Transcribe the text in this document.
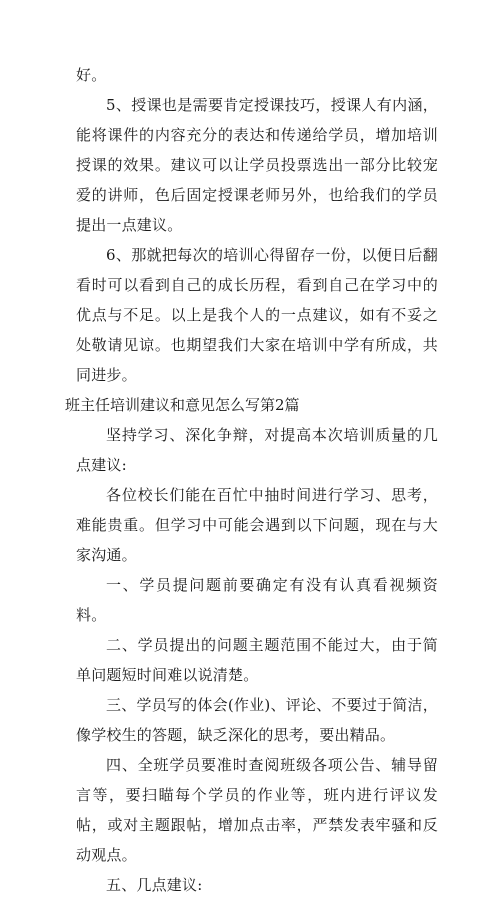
好。

5、授课也是需要肯定授课技巧，授课人有内涵，能将课件的内容充分的表达和传递给学员，增加培训授课的效果。建议可以让学员投票选出一部分比较宠爱的讲师，色后固定授课老师另外，也给我们的学员提出一点建议。

6、那就把每次的培训心得留存一份，以便日后翻看时可以看到自己的成长历程，看到自己在学习中的优点与不足。以上是我个人的一点建议，如有不妥之处敬请见谅。也期望我们大家在培训中学有所成，共同进步。

班主任培训建议和意见怎么写第2篇

坚持学习、深化争辩，对提高本次培训质量的几点建议:

各位校长们能在百忙中抽时间进行学习、思考，难能贵重。但学习中可能会遇到以下问题，现在与大家沟通。

一、学员提问题前要确定有没有认真看视频资料。

二、学员提出的问题主题范围不能过大，由于简单问题短时间难以说清楚。

三、学员写的体会(作业)、评论、不要过于简洁，像学校生的答题，缺乏深化的思考，要出精品。

四、全班学员要准时查阅班级各项公告、辅导留言等，要扫瞄每个学员的作业等，班内进行评议发帖，或对主题跟帖，增加点击率，严禁发表牢骚和反动观点。

五、几点建议:
